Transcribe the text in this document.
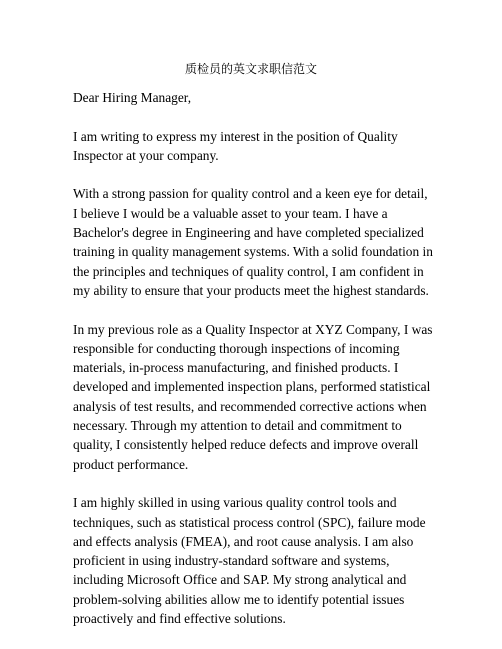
质检员的英文求职信范文

Dear Hiring Manager,

I am writing to express my interest in the position of Quality Inspector at your company.

With a strong passion for quality control and a keen eye for detail, I believe I would be a valuable asset to your team. I have a Bachelor's degree in Engineering and have completed specialized training in quality management systems. With a solid foundation in the principles and techniques of quality control, I am confident in my ability to ensure that your products meet the highest standards.

In my previous role as a Quality Inspector at XYZ Company, I was responsible for conducting thorough inspections of incoming materials, in-process manufacturing, and finished products. I developed and implemented inspection plans, performed statistical analysis of test results, and recommended corrective actions when necessary. Through my attention to detail and commitment to quality, I consistently helped reduce defects and improve overall product performance.

I am highly skilled in using various quality control tools and techniques, such as statistical process control (SPC), failure mode and effects analysis (FMEA), and root cause analysis. I am also proficient in using industry-standard software and systems, including Microsoft Office and SAP. My strong analytical and problem-solving abilities allow me to identify potential issues proactively and find effective solutions.
